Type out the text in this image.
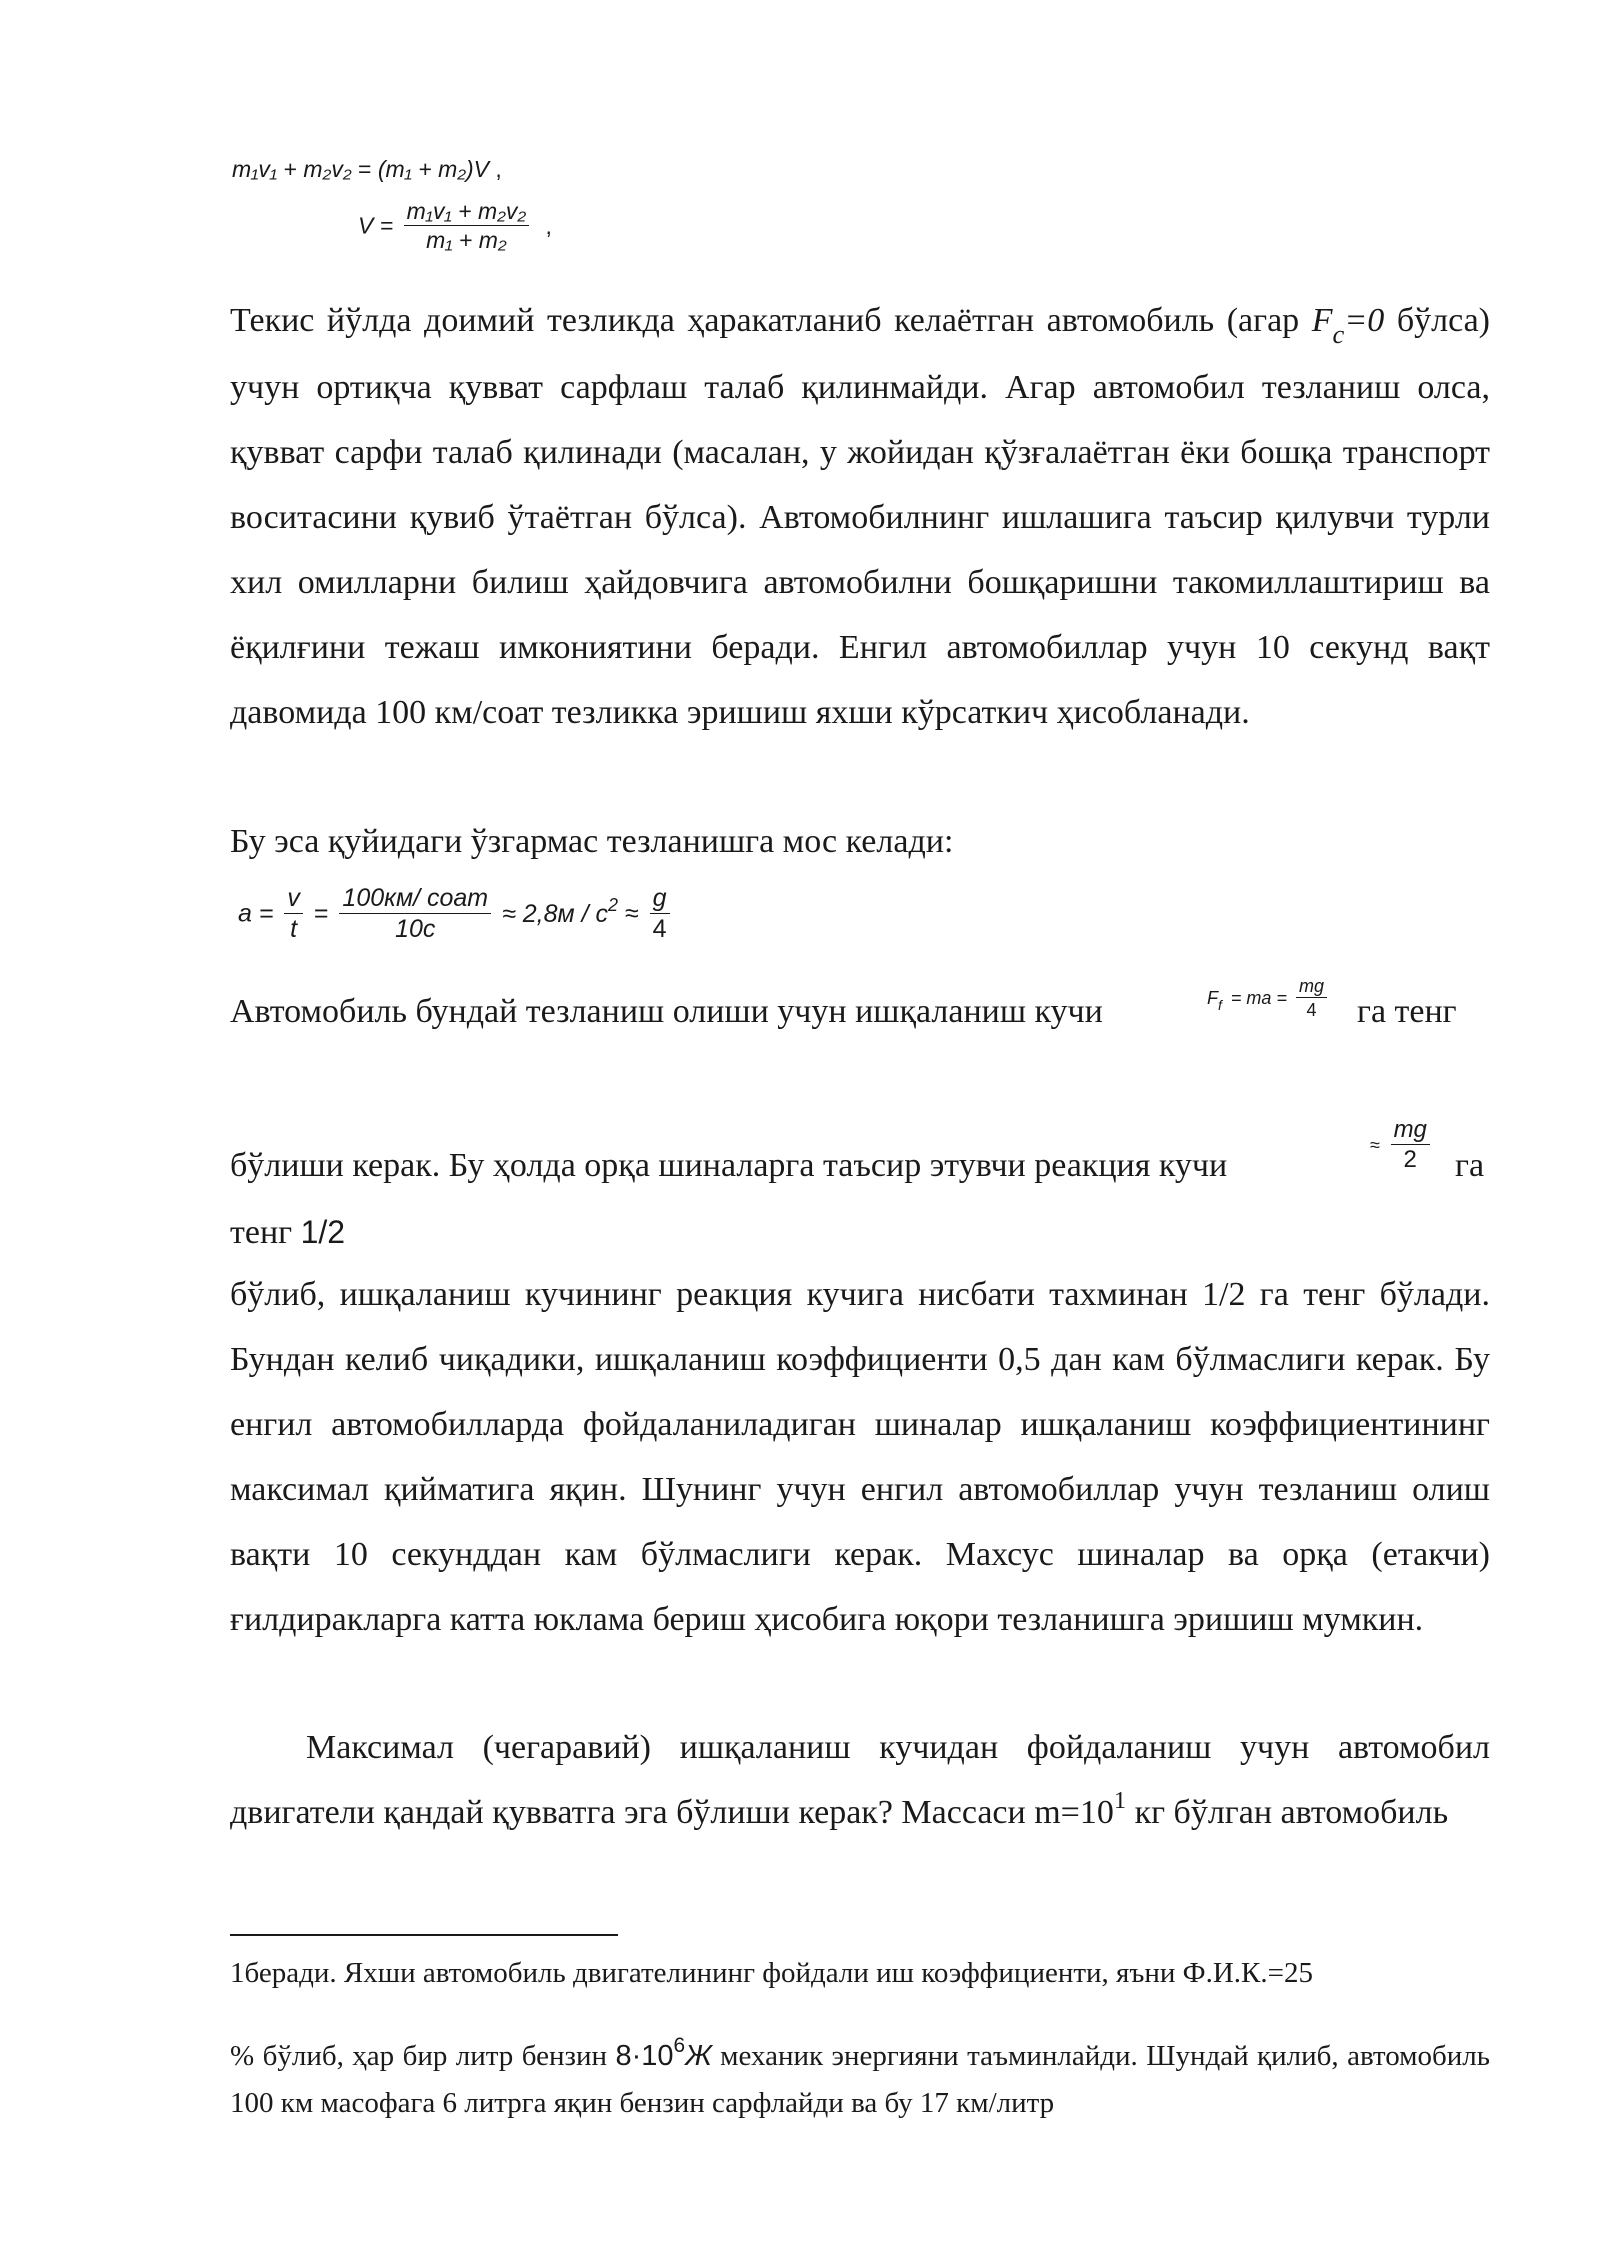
m₁v₁ + m₂v₂ = (m₁ + m₂)V ,
$V = \frac{\text{m₁v₁ + m₂v₂}}{\text{m₁ + m₂}}$ ,
Текис йўлда доимий тезликда ҳаракатланиб келаётган автомобиль (агар $F_c=0$ бўлса) учун ортиқча қувват сарфлаш талаб қилинмайди. Агар автомобил тезланиш олса, қувват сарфи талаб қилинади (масалан, у жойидан қўзғалаётган ёки бошқа транспорт воситасини қувиб ўтаётган бўлса). Автомобилнинг ишлашига таъсир қилувчи турли хил омилларни билиш ҳайдовчига автомобилни бошқаришни такомиллаштириш ва ёқилғини тежаш имкониятини беради. Енгил автомобиллар учун 10 секунд вақт давомида 100 км/соат тезликка эришиш яхши кўрсаткич ҳисобланади.
Бу эса қуйидаги ўзгармас тезланишга мос келади:
$a = \frac{v}{t} = \frac{\text{100км/ соат}}{10с} \approx 2,8м / с^2 \approx \frac{g}{4}$
Автомобиль бундай тезланиш олиши учун ишқаланиш кучи	$F_f$ = ma = $\frac{mg}{4}$ га тенг
бўлиши керак. Бу ҳолда орқа шиналарга таъсир этувчи реакция кучи
≈ $\frac{mg}{2}$ га
тенг 1/2
бўлиб, ишқаланиш кучининг реакция кучига нисбати тахминан 1/2 га тенг бўлади. Бундан келиб чиқадики, ишқаланиш коэффициенти 0,5 дан кам бўлмаслиги керак. Бу енгил автомобилларда фойдаланиладиган шиналар ишқаланиш коэффициентининг максимал қийматига яқин. Шунинг учун енгил автомобиллар учун тезланиш олиш вақти 10 секунддан кам бўлмаслиги керак. Махсус шиналар ва орқа (етакчи) ғилдиракларга катта юклама бериш ҳисобига юқори тезланишга эришиш мумкин.
Максимал (чегаравий) ишқаланиш кучидан фойдаланиш учун автомобил двигатели қандай қувватга эга бўлиши керак? Массаси $m=10^1$ кг бўлган автомобиль
1беради. Яхши автомобиль двигателининг фойдали иш коэффициенти, яъни Ф.И.К.=25
% бўлиб, ҳар бир литр бензин $8\cdot 10^6Ж$ механик энергияни таъминлайди. Шундай қилиб, автомобиль 100 км масофага 6 литрга яқин бензин сарфлайди ва бу 17 км/литр
